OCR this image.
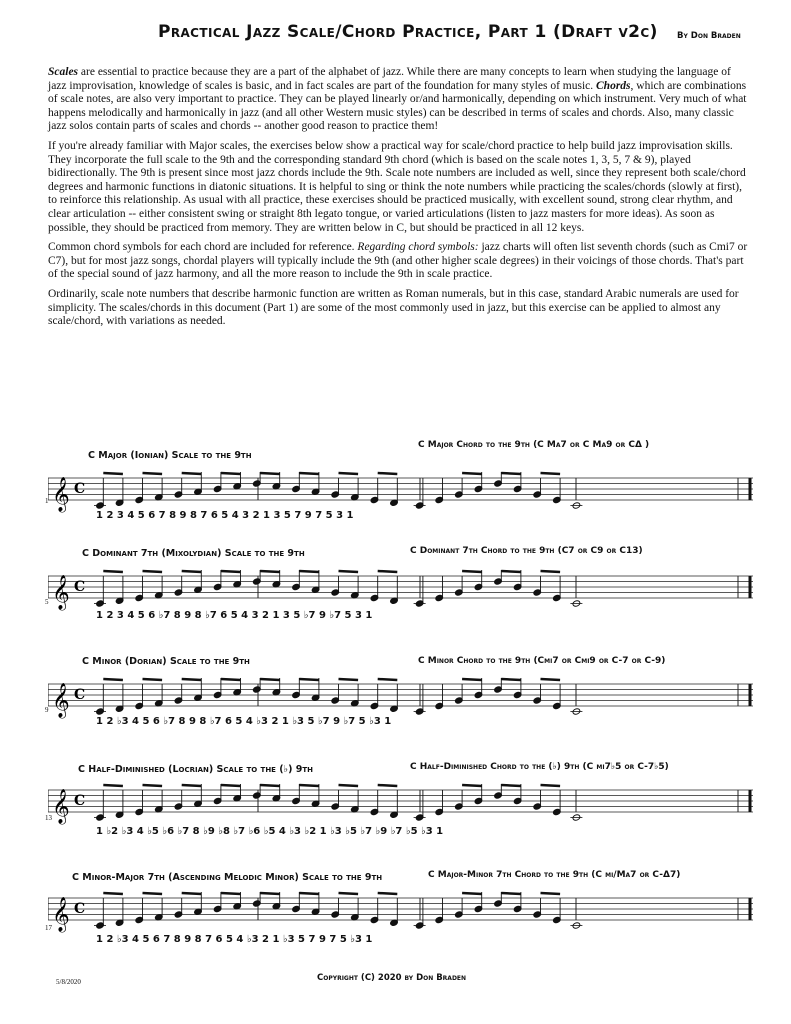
Practical Jazz Scale/Chord Practice, Part 1 (Draft v2c) By Don Braden

Scales are essential to practice because they are a part of the alphabet of jazz. While there are many concepts to learn when studying the language of jazz improvisation, knowledge of scales is basic, and in fact scales are part of the foundation for many styles of music. Chords, which are combinations of scale notes, are also very important to practice. They can be played linearly or/and harmonically, depending on which instrument. Very much of what happens melodically and harmonically in jazz (and all other Western music styles) can be described in terms of scales and chords. Also, many classic jazz solos contain parts of scales and chords -- another good reason to practice them!

If you're already familiar with Major scales, the exercises below show a practical way for scale/chord practice to help build jazz improvisation skills. They incorporate the full scale to the 9th and the corresponding standard 9th chord (which is based on the scale notes 1, 3, 5, 7 & 9), played bidirectionally. The 9th is present since most jazz chords include the 9th. Scale note numbers are included as well, since they represent both scale/chord degrees and harmonic functions in diatonic situations. It is helpful to sing or think the note numbers while practicing the scales/chords (slowly at first), to reinforce this relationship. As usual with all practice, these exercises should be practiced musically, with excellent sound, strong clear rhythm, and clear articulation -- either consistent swing or straight 8th legato tongue, or varied articulations (listen to jazz masters for more ideas). As soon as possible, they should be practiced from memory. They are written below in C, but should be practiced in all 12 keys.

Common chord symbols for each chord are included for reference. Regarding chord symbols: jazz charts will often list seventh chords (such as Cmi7 or C7), but for most jazz songs, chordal players will typically include the 9th (and other higher scale degrees) in their voicings of those chords. That's part of the special sound of jazz harmony, and all the more reason to include the 9th in scale practice.

Ordinarily, scale note numbers that describe harmonic function are written as Roman numerals, but in this case, standard Arabic numerals are used for simplicity. The scales/chords in this document (Part 1) are some of the most commonly used in jazz, but this exercise can be applied to almost any scale/chord, with variations as needed.

C Major (Ionian) Scale to the 9th
C Major Chord to the 9th (C Ma7 or C Ma9 or CΔ )
𝄞 C
1
1 2 3 4 5 6 7 8 9 8 7 6 5 4 3 2 1 3 5 7 9 7 5 3 1
C Dominant 7th (Mixolydian) Scale to the 9th	C Dominant 7th Chord to the 9th (C7 or C9 or C13)
𝄞 C
5
1 2 3 4 5 6 ♭7 8 9 8 ♭7 6 5 4 3 2 1 3 5 ♭7 9 ♭7 5 3 1
C Minor (Dorian) Scale to the 9th	C Minor Chord to the 9th (Cmi7 or Cmi9 or C-7 or C-9)
𝄞 C
9
1 2 ♭3 4 5 6 ♭7 8 9 8 ♭7 6 5 4 ♭3 2 1 ♭3 5 ♭7 9 ♭7 5 ♭3 1
C Half-Diminished (Locrian) Scale to the (♭) 9th	C Half-Diminished Chord to the (♭) 9th (C mi7♭5 or C-7♭5)
𝄞 C
13
1 ♭2 ♭3 4 ♭5 ♭6 ♭7 8 ♭9 ♭8 ♭7 ♭6 ♭5 4 ♭3 ♭2 1 ♭3 ♭5 ♭7 ♭9 ♭7 ♭5 ♭3 1
C Minor-Major 7th (Ascending Melodic Minor) Scale to the 9th	C Major-Minor 7th Chord to the 9th (C mi/Ma7 or C-Δ7)
𝄞 C
17
1 2 ♭3 4 5 6 7 8 9 8 7 6 5 4 ♭3 2 1 ♭3 5 7 9 7 5 ♭3 1
5/8/2020	Copyright (C) 2020 by Don Braden
